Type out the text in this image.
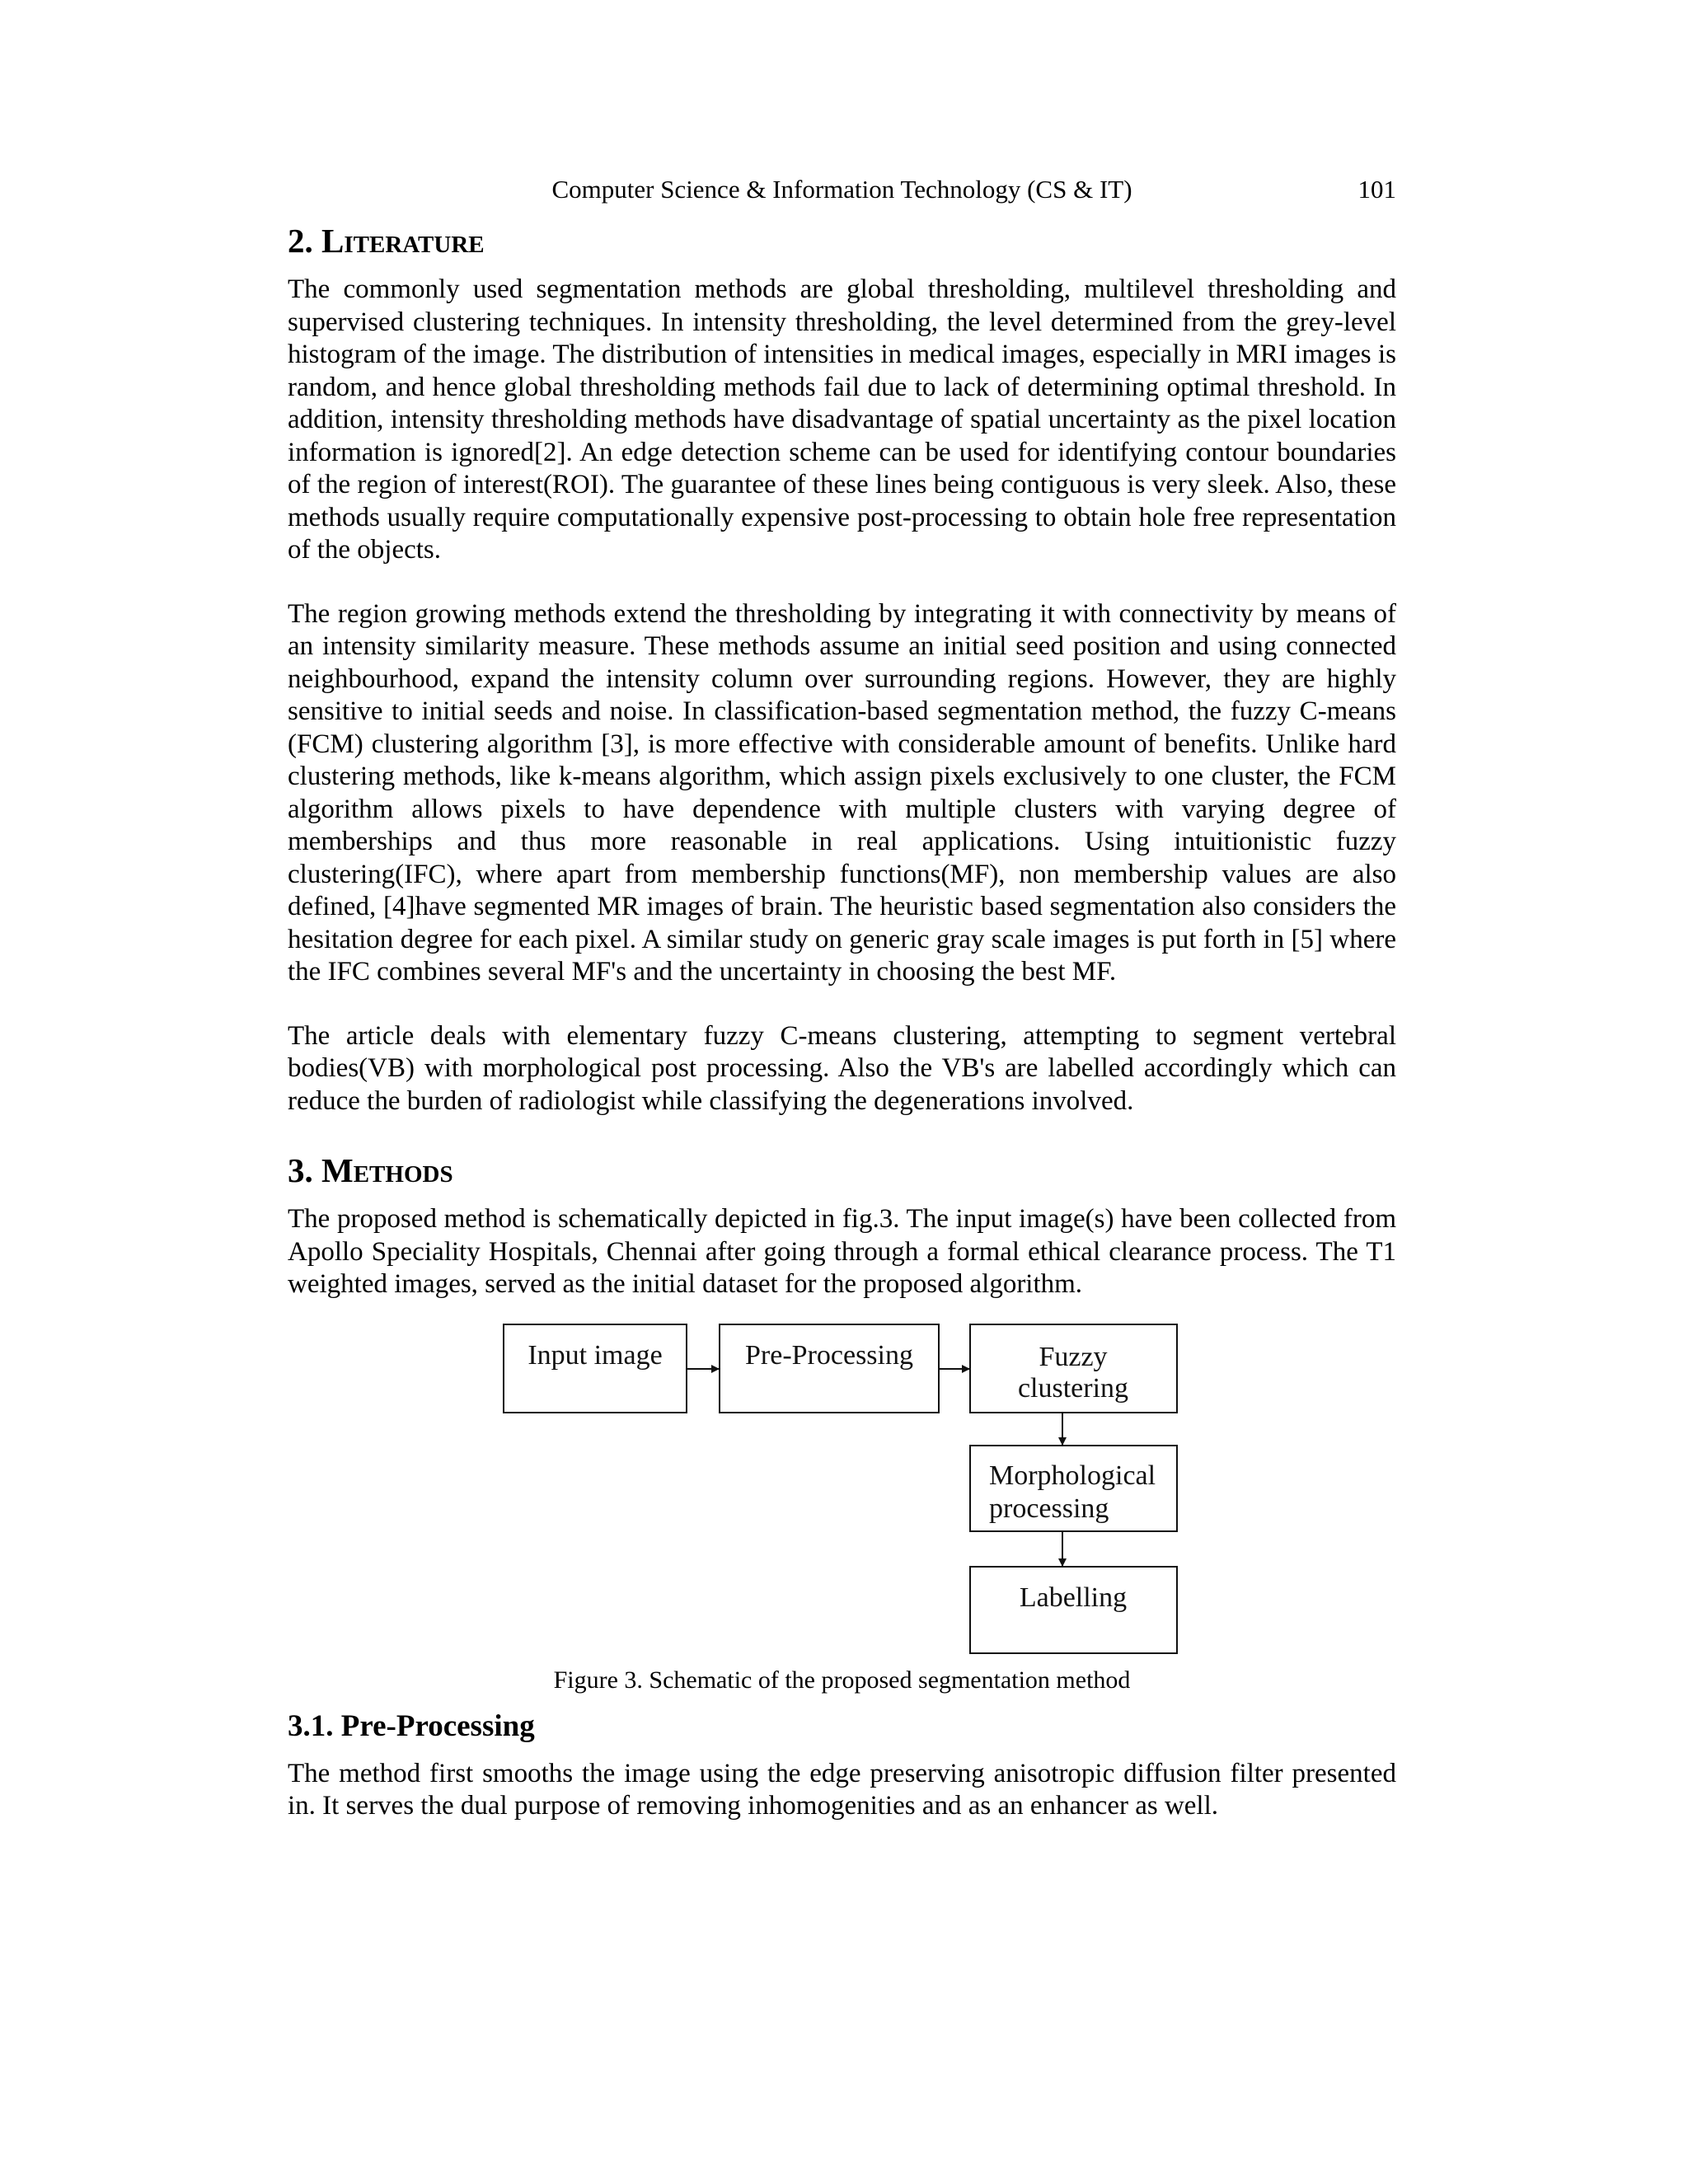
Computer Science & Information Technology (CS & IT)	101
2. Literature

The commonly used segmentation methods are global thresholding, multilevel thresholding and supervised clustering techniques. In intensity thresholding, the level determined from the grey-level histogram of the image. The distribution of intensities in medical images, especially in MRI images is random, and hence global thresholding methods fail due to lack of determining optimal threshold. In addition, intensity thresholding methods have disadvantage of spatial uncertainty as the pixel location information is ignored[2]. An edge detection scheme can be used for identifying contour boundaries of the region of interest(ROI). The guarantee of these lines being contiguous is very sleek. Also, these methods usually require computationally expensive post-processing to obtain hole free representation of the objects.

The region growing methods extend the thresholding by integrating it with connectivity by means of an intensity similarity measure. These methods assume an initial seed position and using connected neighbourhood, expand the intensity column over surrounding regions. However, they are highly sensitive to initial seeds and noise. In classification-based segmentation method, the fuzzy C-means (FCM) clustering algorithm [3], is more effective with considerable amount of benefits. Unlike hard clustering methods, like k-means algorithm, which assign pixels exclusively to one cluster, the FCM algorithm allows pixels to have dependence with multiple clusters with varying degree of memberships and thus more reasonable in real applications. Using intuitionistic fuzzy clustering(IFC), where apart from membership functions(MF), non membership values are also defined, [4]have segmented MR images of brain. The heuristic based segmentation also considers the hesitation degree for each pixel. A similar study on generic gray scale images is put forth in [5] where the IFC combines several MF's and the uncertainty in choosing the best MF.

The article deals with elementary fuzzy C-means clustering, attempting to segment vertebral bodies(VB) with morphological post processing. Also the VB's are labelled accordingly which can reduce the burden of radiologist while classifying the degenerations involved.

3. Methods

The proposed method is schematically depicted in fig.3. The input image(s) have been collected from Apollo Speciality Hospitals, Chennai after going through a formal ethical clearance process. The T1 weighted images, served as the initial dataset for the proposed algorithm.

Input image	Pre-Processing	Fuzzy
clustering
Morphological
processing
Labelling

Figure 3. Schematic of the proposed segmentation method

3.1. Pre-Processing

The method first smooths the image using the edge preserving anisotropic diffusion filter presented in. It serves the dual purpose of removing inhomogenities and as an enhancer as well.
